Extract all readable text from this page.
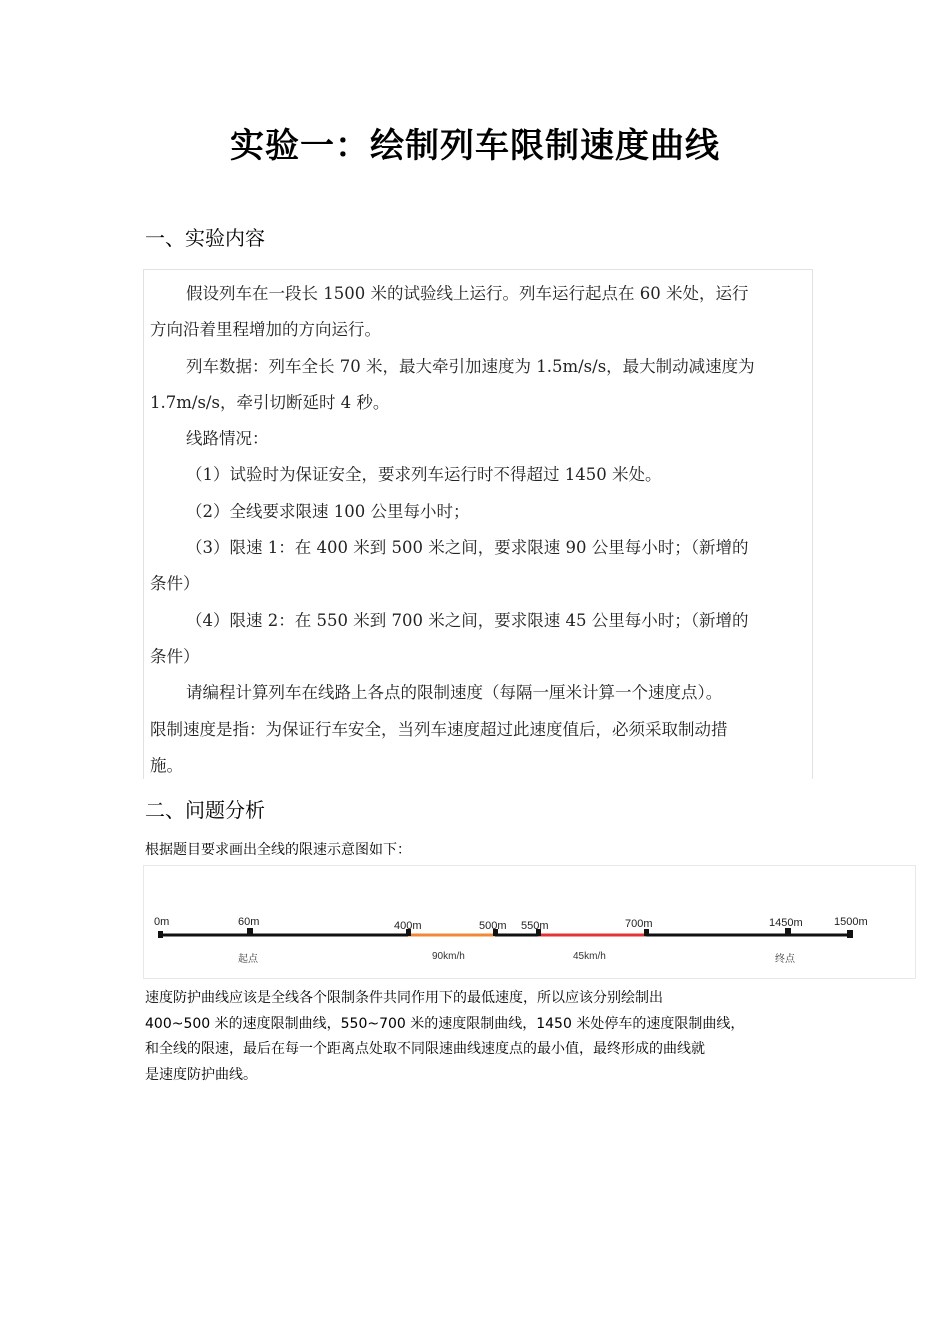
实验一：绘制列车限制速度曲线
一、实验内容

假设列车在一段长 1500 米的试验线上运行。列车运行起点在 60 米处，运行

方向沿着里程增加的方向运行。

列车数据：列车全长 70 米，最大牵引加速度为 1.5m/s/s，最大制动减速度为

1.7m/s/s，牵引切断延时 4 秒。

线路情况：

（1）试验时为保证安全，要求列车运行时不得超过 1450 米处。

（2）全线要求限速 100 公里每小时；

（3）限速 1：在 400 米到 500 米之间，要求限速 90 公里每小时；（新增的

条件）

（4）限速 2：在 550 米到 700 米之间，要求限速 45 公里每小时；（新增的

条件）

请编程计算列车在线路上各点的限制速度（每隔一厘米计算一个速度点）。

限制速度是指：为保证行车安全，当列车速度超过此速度值后，必须采取制动措

施。

二、问题分析
根据题目要求画出全线的限速示意图如下：
0m	60m	400m	500m 550m	700m	1450m	1500m
起点	90km/h	45km/h	终点
速度防护曲线应该是全线各个限制条件共同作用下的最低速度，所以应该分别绘制出
400~500 米的速度限制曲线，550~700 米的速度限制曲线，1450 米处停车的速度限制曲线，
和全线的限速，最后在每一个距离点处取不同限速曲线速度点的最小值，最终形成的曲线就
是速度防护曲线。
